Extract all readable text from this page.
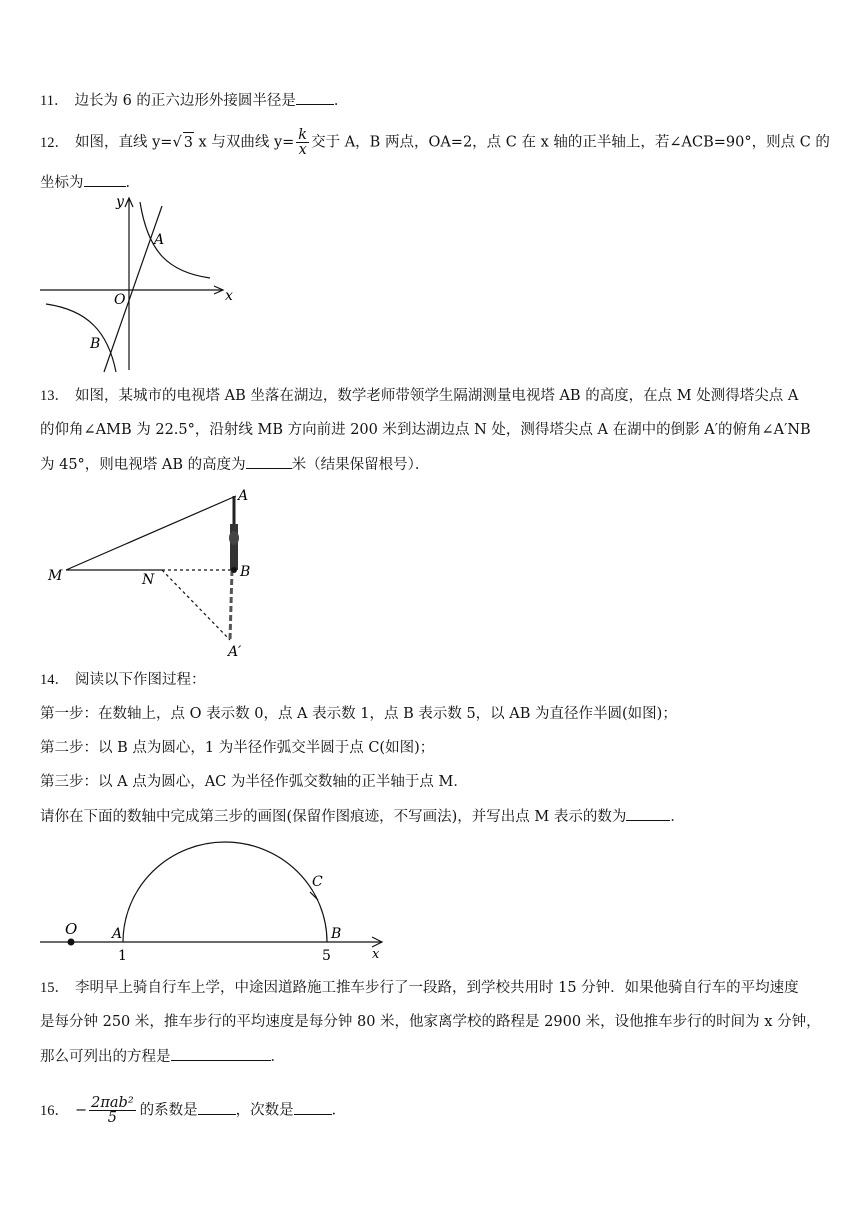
11． 边长为 6 的正六边形外接圆半径是	．
12． 如图，直线 y=√ 3 x 与双曲线 $y= \frac{k}{x}$ 交于 A，B 两点，OA=2，点 C 在 x 轴的正半轴上，若∠ACB=90°，则点 C 的
坐标为	．
y
x
O
A
B
13． 如图，某城市的电视塔 AB 坐落在湖边，数学老师带领学生隔湖测量电视塔 AB 的高度，在点 M 处测得塔尖点 A
的仰角∠AMB 为 22.5°，沿射线 MB 方向前进 200 米到达湖边点 N 处，测得塔尖点 A 在湖中的倒影 A′的俯角∠A′NB
为 45°，则电视塔 AB 的高度为	米（结果保留根号）．
A
B
M	N
A′
14． 阅读以下作图过程：
第一步：在数轴上，点 O 表示数 0，点 A 表示数 1，点 B 表示数 5，以 AB 为直径作半圆(如图)；
第二步：以 B 点为圆心，1 为半径作弧交半圆于点 C(如图)；
第三步：以 A 点为圆心，AC 为半径作弧交数轴的正半轴于点 M．
请你在下面的数轴中完成第三步的画图(保留作图痕迹，不写画法)，并写出点 M 表示的数为	．
O A	B
C
x
1	5
15． 李明早上骑自行车上学，中途因道路施工推车步行了一段路，到学校共用时 15 分钟．如果他骑自行车的平均速度
是每分钟 250 米，推车步行的平均速度是每分钟 80 米，他家离学校的路程是 2900 米，设他推车步行的时间为 x 分钟，
那么可列出的方程是	．
16． − $\frac{\text{2πab²}}{5}$ 的系数是	，次数是	．
